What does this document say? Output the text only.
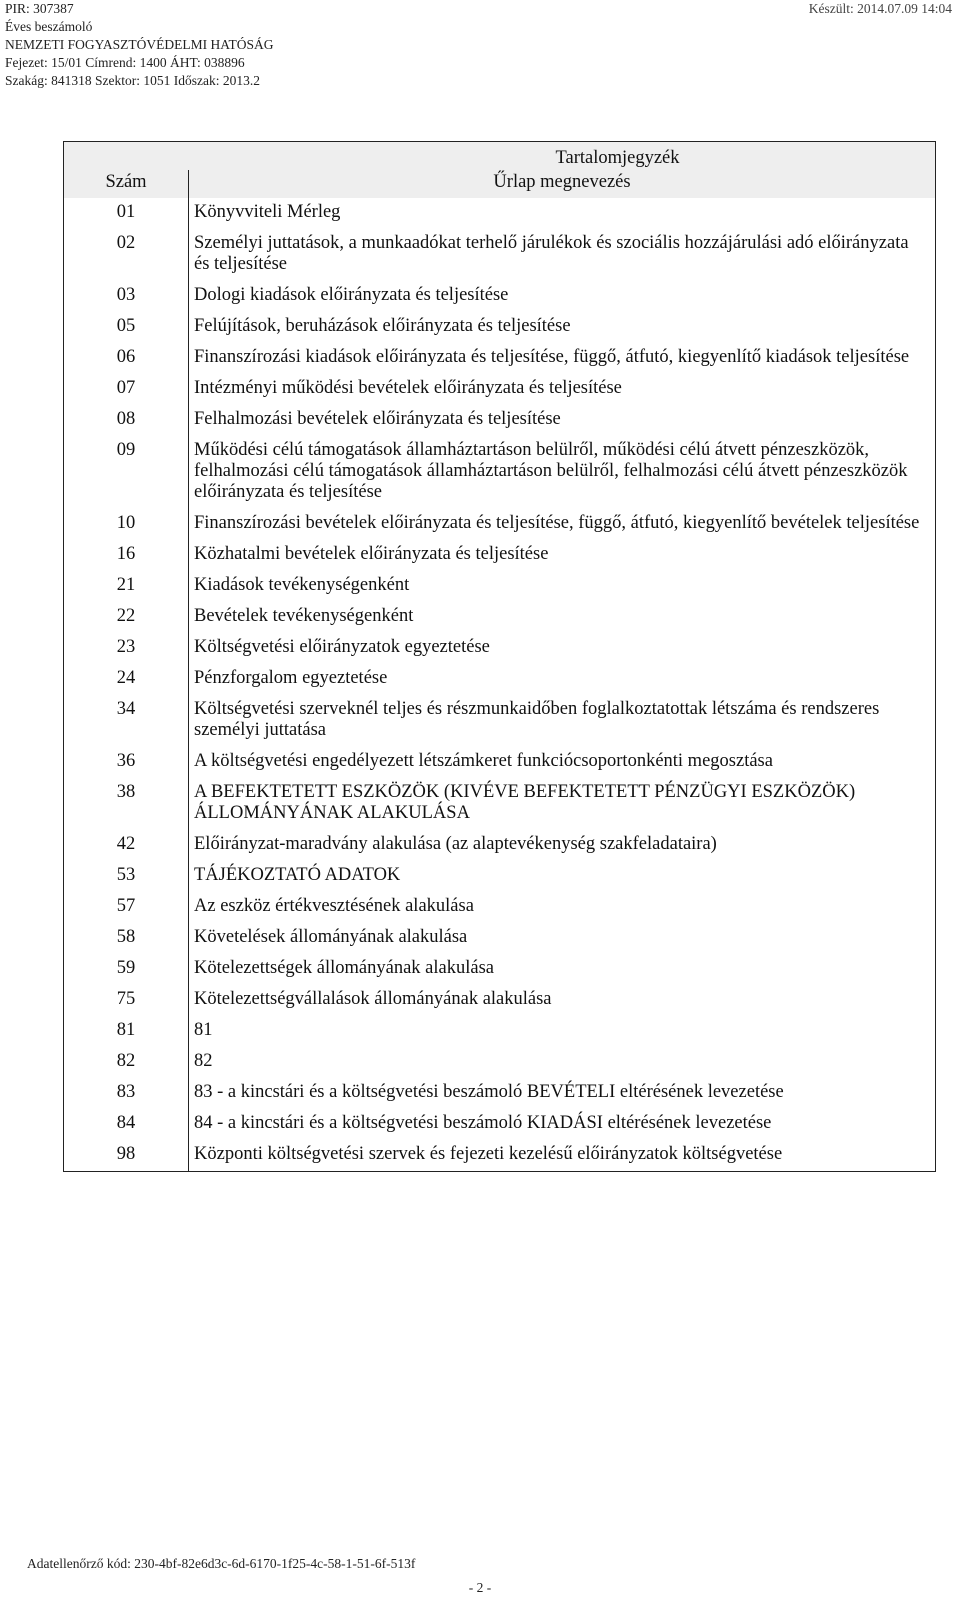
PIR: 307387
Éves beszámoló
NEMZETI FOGYASZTÓVÉDELMI HATÓSÁG
Fejezet: 15/01 Címrend: 1400 ÁHT: 038896
Szakág: 841318 Szektor: 1051 Időszak: 2013.2
Készült: 2014.07.09 14:04
Tartalomjegyzék	
Szám	Űrlap megnevezés
01	Könyvviteli Mérleg
02	Személyi juttatások, a munkaadókat terhelő járulékok és szociális hozzájárulási adó előirányzata és teljesítése
03	Dologi kiadások előirányzata és teljesítése
05	Felújítások, beruházások előirányzata és teljesítése
06	Finanszírozási kiadások előirányzata és teljesítése, függő, átfutó, kiegyenlítő kiadások teljesítése
07	Intézményi működési bevételek előirányzata és teljesítése
08	Felhalmozási bevételek előirányzata és teljesítése
09	Működési célú támogatások államháztartáson belülről, működési célú átvett pénzeszközök, felhalmozási célú támogatások államháztartáson belülről, felhalmozási célú átvett pénzeszközök előirányzata és teljesítése
10	Finanszírozási bevételek előirányzata és teljesítése, függő, átfutó, kiegyenlítő bevételek teljesítése
16	Közhatalmi bevételek előirányzata és teljesítése
21	Kiadások tevékenységenként
22	Bevételek tevékenységenként
23	Költségvetési előirányzatok egyeztetése
24	Pénzforgalom egyeztetése
34	Költségvetési szerveknél teljes és részmunkaidőben foglalkoztatottak létszáma és rendszeres személyi juttatása
36	A költségvetési engedélyezett létszámkeret funkciócsoportonkénti megosztása
38	A BEFEKTETETT ESZKÖZÖK (KIVÉVE BEFEKTETETT PÉNZÜGYI ESZKÖZÖK) ÁLLOMÁNYÁNAK ALAKULÁSA
42	Előirányzat-maradvány alakulása (az alaptevékenység szakfeladataira)
53	TÁJÉKOZTATÓ ADATOK
57	Az eszköz értékvesztésének alakulása
58	Követelések állományának alakulása
59	Kötelezettségek állományának alakulása
75	Kötelezettségvállalások állományának alakulása
81	81
82	82
83	83 - a kincstári és a költségvetési beszámoló BEVÉTELI eltérésének levezetése
84	84 - a kincstári és a költségvetési beszámoló KIADÁSI eltérésének levezetése
98	Központi költségvetési szervek és fejezeti kezelésű előirányzatok költségvetése
Adatellenőrző kód: 230-4bf-82e6d3c-6d-6170-1f25-4c-58-1-51-6f-513f
- 2 -
